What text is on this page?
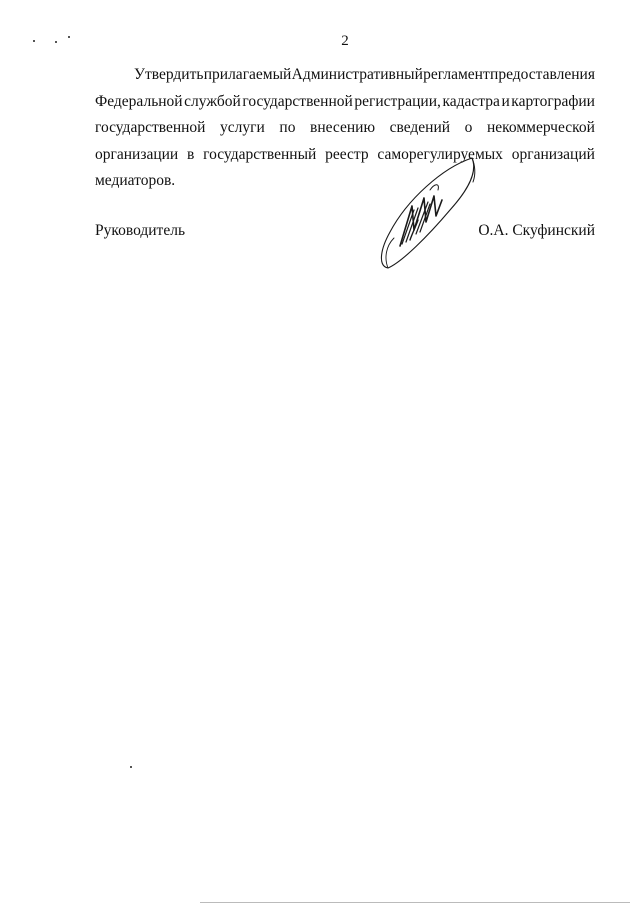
2
Утвердить прилагаемый Административный регламент предоставления
Федеральной службой государственной регистрации, кадастра и картографии
государственной услуги по внесению сведений о некоммерческой
организации в государственный реестр саморегулируемых организаций
медиаторов.
Руководитель	О.А. Скуфинский
